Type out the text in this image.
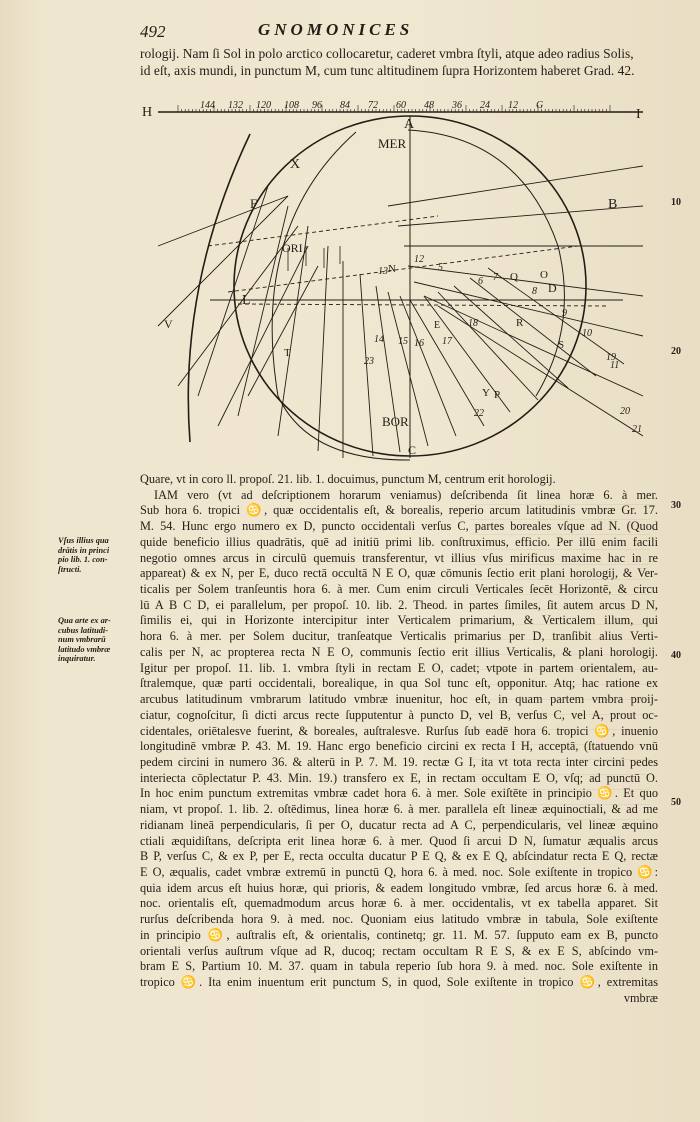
492	GNOMONICES
rologij. Nam ſi Sol in polo arctico collocaretur, caderet vmbra ſtyli, atque adeo radius Solis,
id eſt, axis mundi, in punctum M, cum tunc altitudinem ſupra Horizontem haberet Grad. 42.
H	144 132 120 108 96 84 72 60 48 36 24 12 G
I
A
MER
B
C
D
E
F
L
N	O
P
Q
R
S
T
V
X
Y
BOR
ORI
5
6 7
8
9
10
11
12
13
14 15 16 17
18
19
20
21
22
23
10
20
30
40
50
Vſus illius qua
drātis in princi
pio lib. 1. con-
ſtructi.
Qua arte ex ar-
cubus latitudi-
num vmbrarū
latitudo vmbræ
inquiratur.
Quare, vt in coro ll. propoſ. 21. lib. 1. docuimus, punctum M, centrum erit horologij.
IAM vero (vt ad deſcriptionem horarum veniamus) deſcribenda ſit linea horæ 6. à mer.
Sub hora 6. tropici ♋, quæ occidentalis eſt, & borealis, reperio arcum latitudinis vmbræ Gr. 17.
M. 54. Hunc ergo numero ex D, puncto occidentali verſus C, partes boreales vſque ad N. (Quod
quide beneficio illius quadrātis, quē ad initiū primi lib. conſtruximus, efficio. Per illū enim facili
negotio omnes arcus in circulū quemuis transferentur, vt illius vſus mirificus maxime hac in re
appareat) & ex N, per E, duco rectā occultā N E O, quæ cōmunis ſectio erit plani horologij, & Ver-
ticalis per Solem tranſeuntis hora 6. à mer. Cum enim circuli Verticales ſecēt Horizontē, & circu
lū A B C D, ei parallelum, per propoſ. 10. lib. 2. Theod. in partes ſimiles, ſit autem arcus D N,
ſimilis ei, qui in Horizonte intercipitur inter Verticalem primarium, & Verticalem illum, qui
hora 6. à mer. per Solem ducitur, tranſeatque Verticalis primarius per D, tranſibit alius Verti-
calis per N, ac propterea recta N E O, communis ſectio erit illius Verticalis, & plani horologij.
Igitur per propoſ. 11. lib. 1. vmbra ſtyli in rectam E O, cadet; vtpote in partem orientalem, au-
ſtralemque, quæ parti occidentali, borealique, in qua Sol tunc eſt, opponitur. Atq; hac ratione ex
arcubus latitudinum vmbrarum latitudo vmbræ inuenitur, hoc eſt, in quam partem vmbra proij-
ciatur, cognoſcitur, ſi dicti arcus recte ſupputentur à puncto D, vel B, verſus C, vel A, prout oc-
cidentales, oriētalesve fuerint, & boreales, auſtralesve. Rurſus ſub eadē hora 6. tropici ♋, inuenio
longitudinē vmbræ P. 43. M. 19. Hanc ergo beneficio circini ex recta I H, acceptā, (ſtatuendo vnū
pedem circini in numero 36. & alterū in P. 7. M. 19. rectæ G I, ita vt tota recta inter circini pedes
interiecta cōplectatur P. 43. Min. 19.) transfero ex E, in rectam occultam E O, vſq; ad punctū O.
In hoc enim punctum extremitas vmbræ cadet hora 6. à mer. Sole exiſtēte in principio ♋. Et quo
niam, vt propoſ. 1. lib. 2. oſtēdimus, linea horæ 6. à mer. parallela eſt lineæ æquinoctiali, & ad me
ridianam lineā perpendicularis, ſi per O, ducatur recta ad A C, perpendicularis, vel lineæ æquino
ctiali æquidiſtans, deſcripta erit linea horæ 6. à mer. Quod ſi arcui D N, ſumatur æqualis arcus
B P, verſus C, & ex P, per E, recta occulta ducatur P E Q, & ex E Q, abſcindatur recta E Q, rectæ
E O, æqualis, cadet vmbræ extremū in punctū Q, hora 6. à med. noc. Sole exiſtente in tropico ♋:
quia idem arcus eſt huius horæ, qui prioris, & eadem longitudo vmbræ, ſed arcus horæ 6. à med.
noc. orientalis eſt, quemadmodum arcus horæ 6. à mer. occidentalis, vt ex tabella apparet. Sit
rurſus deſcribenda hora 9. à med. noc. Quoniam eius latitudo vmbræ in tabula, Sole exiſtente
in principio ♋, auſtralis eſt, & orientalis, continetq; gr. 11. M. 57. ſupputo eam ex B, puncto
orientali verſus auſtrum vſque ad R, ducoq; rectam occultam R E S, & ex E S, abſcindo vm-
bram E S, Partium 10. M. 37. quam in tabula reperio ſub hora 9. à med. noc. Sole exiſtente in
tropico ♋. Ita enim inuentum erit punctum S, in quod, Sole exiſtente in tropico ♋, extremitas
vmbræ
